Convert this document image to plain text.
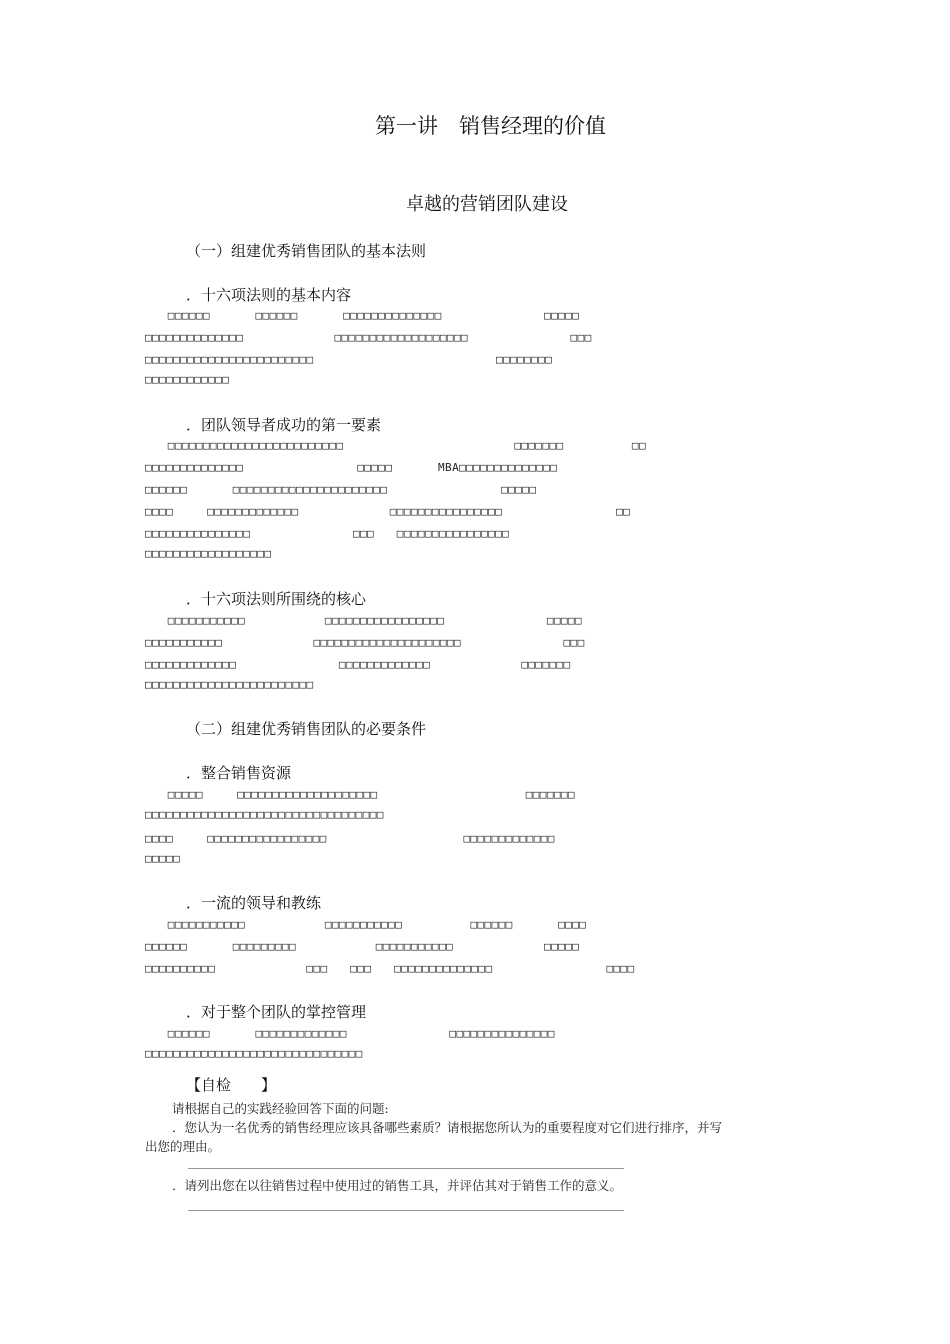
第一讲　销售经理的价值
卓越的营销团队建设
（一）组建优秀销售团队的基本法则
．十六项法则的基本内容
　　□□□□□□　　　　□□□□□□　　　　□□□□□□□□□□□□□□　　　　　　　　　□□□□□
□□□□□□□□□□□□□□　　　　　　　　□□□□□□□□□□□□□□□□□□□　　　　　　　　　□□□
□□□□□□□□□□□□□□□□□□□□□□□□　　　　　　　　　　　　　　　　□□□□□□□□
□□□□□□□□□□□□
．团队领导者成功的第一要素
　　□□□□□□□□□□□□□□□□□□□□□□□□□　　　　　　　　　　　　　　　□□□□□□□　　　　　　□□
□□□□□□□□□□□□□□　　　　　　　　　　□□□□□　　　　MBA□□□□□□□□□□□□□□
□□□□□□　　　　□□□□□□□□□□□□□□□□□□□□□□　　　　　　　　　　□□□□□
□□□□　　　□□□□□□□□□□□□□　　　　　　　　□□□□□□□□□□□□□□□□　　　　　　　　　　□□
□□□□□□□□□□□□□□□　　　　　　　　　□□□　　□□□□□□□□□□□□□□□□
□□□□□□□□□□□□□□□□□□
．十六项法则所围绕的核心
　　□□□□□□□□□□□　　　　　　　□□□□□□□□□□□□□□□□□　　　　　　　　　□□□□□
□□□□□□□□□□□　　　　　　　　□□□□□□□□□□□□□□□□□□□□□　　　　　　　　　□□□
□□□□□□□□□□□□□　　　　　　　　　□□□□□□□□□□□□□　　　　　　　　□□□□□□□
□□□□□□□□□□□□□□□□□□□□□□□□
（二）组建优秀销售团队的必要条件
．整合销售资源
　　□□□□□　　　□□□□□□□□□□□□□□□□□□□□　　　　　　　　　　　　　□□□□□□□
□□□□□□□□□□□□□□□□□□□□□□□□□□□□□□□□□□
□□□□　　　□□□□□□□□□□□□□□□□□　　　　　　　　　　　　□□□□□□□□□□□□□
□□□□□
．一流的领导和教练
　　□□□□□□□□□□□　　　　　　　□□□□□□□□□□□　　　　　　□□□□□□　　　　□□□□
□□□□□□　　　　□□□□□□□□□　　　　　　　□□□□□□□□□□□　　　　　　　　□□□□□
□□□□□□□□□□　　　　　　　　□□□　　□□□　　□□□□□□□□□□□□□□　　　　　　　　　　□□□□
．对于整个团队的掌控管理
　　□□□□□□　　　　□□□□□□□□□□□□□　　　　　　　　　□□□□□□□□□□□□□□□
□□□□□□□□□□□□□□□□□□□□□□□□□□□□□□□
【自检　　】
请根据自己的实践经验回答下面的问题:
．您认为一名优秀的销售经理应该具备哪些素质？请根据您所认为的重要程度对它们进行排序，并写
出您的理由。
．请列出您在以往销售过程中使用过的销售工具，并评估其对于销售工作的意义。
